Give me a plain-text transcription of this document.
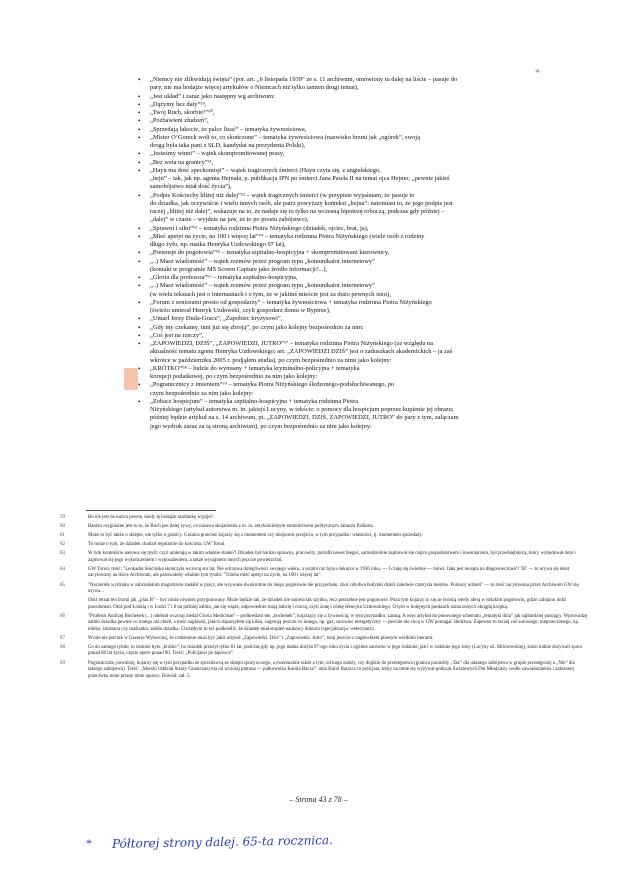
*
• „Niemcy nie zlikwidują święta” (por. art. „6 listopada 1939” ze s. 11 archiwum, omówiony tu dalej na liście – pasuje do
pary, nie ma bodajże więcej artykułów o Niemcach niż tylko tamten drugi temat),
• „Jest układ” i zaraz jako następny wg archiwum:
• „Dążymy bez daty”⁵⁹,
• „Twój Ruch, skorbie!”⁶⁰,
• „Pozbawieni złudzeń”,
• „Sprzedają łakocie, że palce lizać” – tematyka żywnościowa,
• „Mister O’Goreck woli to, co skończone” – tematyka żywnościowa (nazwisko brzmi jak „ogórek”, swoją
drogą była taka pani z SLD, kandydat na prezydenta Polski),
• „Jesteśmy winni” – wątek skompromitowanej prasy,
• „Bez weta na granicy”⁶¹,
• „Hayn ma dość speckomisji” – wątek tragicznych śmierci (Hayn czyta się, z angielskiego,
„hejn” – tak, jak np. agenta Hejnała, p. publikacja IPN po śmierci Jana Pawła II na temat ojca Hejmo; „pewnie jakieś
samobójstwo miał dość życia”),
• „Podpis Kościechy bliżej niż dalej”⁶² – wątek tragicznych śmierci (w przypisie wyjaśniam, że pasuje to
do dziadka, jak oczywiście i wielu innych osób, ale patrz powyższy kontekst „hejna”; natomiast to, że jego podpis jest
raczej „bliżej niż dalej”, wskazuje na to, że nadaje się to tylko na wczesną hipotezę roboczą, podczas gdy później –
„dalej” w czasie – wyjdzie na jaw, że to po prostu zabójstwo),
• „Sprawni i silni”⁶³ – tematyka rodzinna Piotra Niżyńskiego (dziadek, ojciec, brat, ja),
• „Mieć apetyt na życie, na 100 i więcej lat”⁶⁴ – tematyka rodzinna Piotra Niżyńskiego (wiele osób z rodziny
długo żyło, np. matka Henryka Uzdowskiego 97 lat),
• „Pretensje do pogotowia”⁶⁵ – tematyka szpitalno-hospicyjna + skompromitowani kierownicy,
• „..) Masz wiadomość” – wątek rozmów przez program typu „komunikator internetowy”
(kontakt w programie MS Screen Capture jako źródło informacji?...),
• „Gloria dla profesora”⁶⁶ – tematyka szpitalno-hospicyjna,
• „..) Masz wiadomość” – wątek rozmów przez program typu „komunikator internetowy”
(w wielu tekstach jest o internautach i o tym, że w jakimś mieście jest za dużo pewnych istot),
• „Forum z seniorami prosto od gospodarzy” – tematyka żywnościowa + tematyka rodzinna Piotra Niżyńskiego
(świeżo umierał Henryk Uzdowski, czyli gospodarz domu w Rypinie),
• „Umarł Jerzy Duda-Gracz”, „Zapobiec kryzysowi”,
• „Gdy my czekamy, inni już się zbroją”, po czym jako kolejny bezpośrednio za nim:
• „Coś jest na rzeczy”,
• „ZAPOWIEDZI, DZIŚ”, „ZAPOWIEDZI, JUTRO”⁶⁷ – tematyka rodzinna Piotra Niżyńskiego (ze względu na
aktualność tematu zgonu Henryka Uzdowskiego; art. „ZAPOWIEDZI DZIŚ” jest o zaduszkach akademickich – ja zaś
wkrótce w październiku 2005 r. podjąłem studia), po czym bezpośrednio za nimi jako kolejny:
• „KRÓTKO”⁶⁸ – ludzie do wymiany + tematyka kryminalno-policyjna + tematyka
korupcji podatkowej, po czym bezpośrednio za nim jako kolejny:
• „Pogranicznicy z imieniem”⁶⁹ – tematyka Piotra Niżyńskiego śledzonego-podsłuchiwanego, po
czym bezpośrednio za nim jako kolejny:
• „Zobacz hospicjum” – tematyka szpitalno-hospicyjna + tematyka rodzinna Piotra
Niżyńskiego (artykuł autorstwa m. in. jakiejś Lucyny, w tekście: o pomocy dla hospicjum poprzez kupienie jej obrazu;
później będzie artykuł na s. 14 archiwum, pt. „ZAPOWIEDZI, DZIŚ, ZAPOWIEDZI, JUTRO” do pary z tym, załączam
jego wydruk zaraz za tą stroną archiwum), po czym bezpośrednio za nim jako kolejny:
59	Bo nie jest do końca pewne, kiedy tę bodajże maślankę wypije?
60	Bardzo oryginalne jest to to, że Ruch jest dalej żywy, co nasuwa skojarzenia z m. in. antykościelnym stronnictwem politycznym Janusza Palikota.
61	Może to być także o sklepie, nie tylko o granicy. Granica przecież kojarzy się z momentem czy miejscem przejścia, w tym przypadku: własności, tj. momentem sprzedaży.
62	To może o tym, że dziadek chodził regularnie do kościoła; GW Toruń.
63	W tym kontekście nasuwa się myśl: czyż umierają w takim właśnie stanie?! Dziadek był bardzo sprawny, pracowity, potrafił nawet biegać, samodzielnie zajmował się całym gospodarstwem i inwentarzem, był przedsiębiorcą, który wybudował dom i zajmował się jego wykończeniem i wyposażeniem, a także wynajmem innych jeszcze powierzchni.
64	GW Toruń; treść: "Leokadia Słucińska skończyła wczoraj sto lat. Nie odczuwa dolegliwości swojego wieku, a ostatni raz była u lekarza w 1936 roku. — I czuję się świetnie — mówi. Jaka jest recepta na długowieczność? Ta" — tu urywa się tekst zacytowany na liście Archiwum, ale pasowałoby właśnie tym tytułu: "Trzeba mieć apetyt na życie, na 100 i więcej lat".
65	"Naczelnik wydziału w zabrzańskim magistracie zasłabł w pracy, ale wzywane dwukrotnie do niego pogotowie nie przyjechało, choć obydwa budynki dzieli zaledwie czterysta metrów. Pomocy udzieli" — tu treść zacytowana przez Archiwum GW się urywa...
Otóż temat ten brzmi jak „plan B” – być może również przygotowany. Może będzie tak, że dziadek nie umiera tak szybko, lecz potrzebne jest pogotowie. Poza tym kojarzy to się ze świeżą wtedy aferą w łódzkim pogotowiu, gdzie zabijano ludzi pawulonem. Otóż pod Łodzią i w Łodzi 7 i 8 lat później zabito, jak się wiąże, odpowiednio mają babcię i ciocią, czyli żonę i córkę Henryka Uzdowskiego. O tym w kolejnych punktach oznaczonych okrągłą kropką.
66	"Profesor Andrzej Bochenek (...) odebrał wczoraj medal Gloria Medicinae" – podkreślam ten „bochenek”, kojarzący się z żywnością; w tym przypadku: zarazą. A więc artykuł do ponownego schematu „tematyki dnia” jak najbardziej pasujący. Wprowadzę zabiło dziadka pewnie co innego niż chleb, a treść nagłówki, jakich doparzyłem się kilku, sugerują jeszcze co innego, np. gaz, surowiec energetyczny — pewnie nie chcą w GW pomagać śledztwu. Zapewne to raczej coś surowego, nieprzeczonego, np. mleko, śmietana czy maślanka, zabiło dziadka. Chciałbym to też podkreślić, że dziadek miał stopień naukowy doktora (specjalizacja: weterynarz).
67	Wcale nie jest tak w Gazecie Wyborczej, że codziennie musi być jakiś artykuł „Zapowiedzi. Dziś” i „Zapowiedzi. Jutro”, tutaj jeszcze z nagłówkiem pisanym wielkimi literami.
68	Co do samego tytułu, to istotnie było „krótko”, bo dziadek przeżył tylko 81 lat, podczas gdy np. jego matka dożyła 97-ego roku życia i ogólnie zarówno w jego rodzinie, jak i w rodzinie jego żony (Lucyny zd. Milczewskiej), starsi ludzie dożywali sporo ponad 80 lat życia, często sporo ponad 90. Treść: „Policjanci po łapówce”.
69	Pogranicznik, powtórzę, kojarzy się w tym przypadku ze sprzedawcą ze sklepu spożywczego, a ewentualnie także z tym, od kogo zależy, czy dojdzie do przestępstwa (granica ponieżdy „Tak” dla udanego zabójstwa w grupie przestępczej a „Nie” dla takiego zabójstwa). Treść: „Morski Oddział Straży Granicznej ma od wczoraj patrona — pułkownika Karola Bacza”: otóż Karol Barszcz to policjant, który na mnie się wyżywał podczas Światowych Dni Młodzieży wedle zawiadomienia i założonej przeciwko mnie przeze mnie sprawy. Dowód: zał. 5.
– Strona 43 z 78 –
* Półtorej strony dalej. 65-ta rocznica.
